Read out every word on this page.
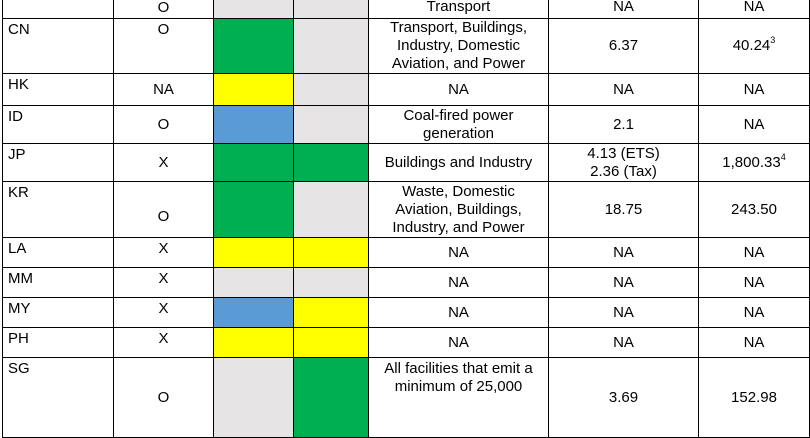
	O			Transport	NA	NA
CN	O			Transport, Buildings, Industry, Domestic Aviation, and Power	6.37	40.24$^3$
HK	NA			NA	NA	NA
ID	O			Coal-fired power generation	2.1	NA
JP	X			Buildings and Industry	4.13 (ETS) 2.36 (Tax)	1,800.33$^4$
KR	O			Waste, Domestic Aviation, Buildings, Industry, and Power	18.75	243.50
LA	X			NA	NA	NA
MM	X			NA	NA	NA
MY	X			NA	NA	NA
PH	X			NA	NA	NA
SG	O			All facilities that emit a minimum of 25,000	3.69	152.98
